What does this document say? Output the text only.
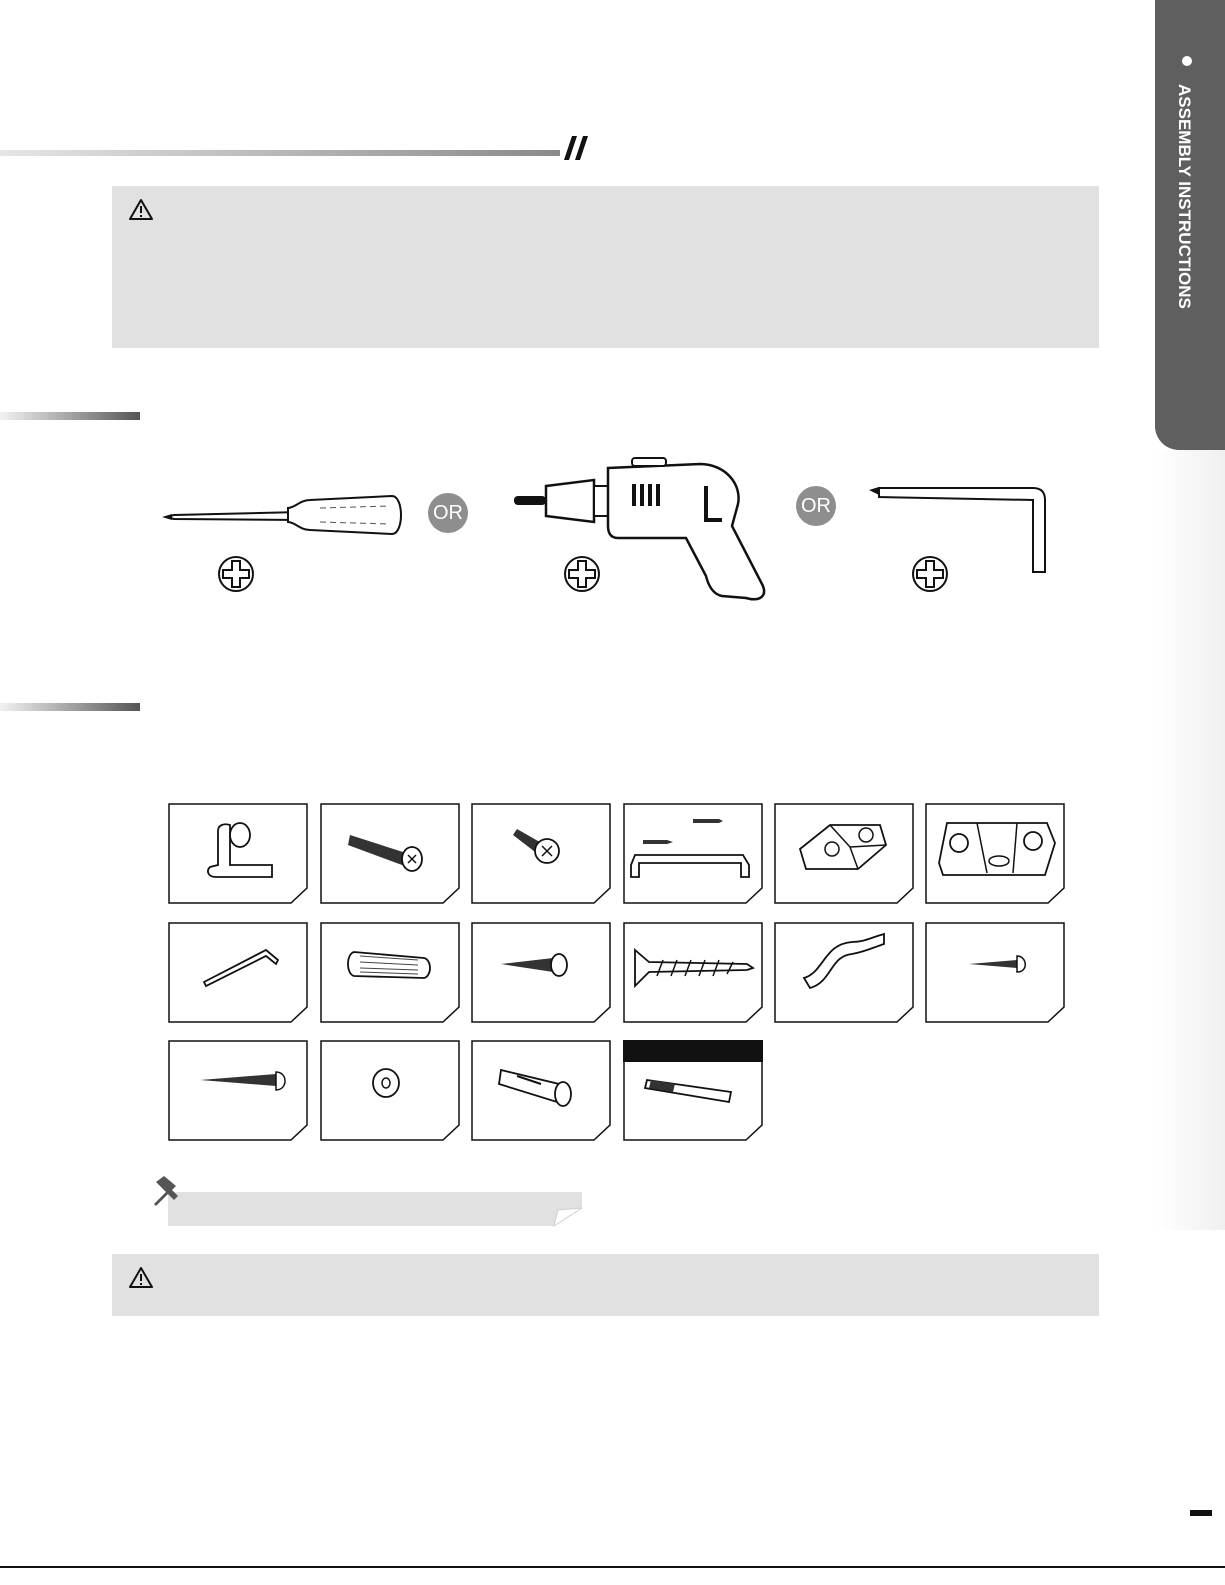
ASSEMBLY INSTRUCTIONS
OR	OR
